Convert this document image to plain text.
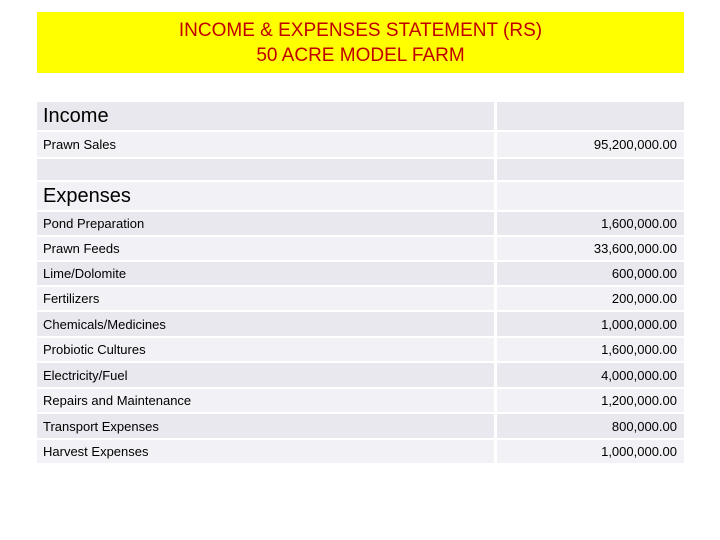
INCOME & EXPENSES STATEMENT (RS)
50 ACRE MODEL FARM
Income	
Prawn Sales	95,200,000.00

Expenses	
Pond Preparation	1,600,000.00
Prawn Feeds	33,600,000.00
Lime/Dolomite	600,000.00
Fertilizers	200,000.00
Chemicals/Medicines	1,000,000.00
Probiotic Cultures	1,600,000.00
Electricity/Fuel	4,000,000.00
Repairs and Maintenance	1,200,000.00
Transport Expenses	800,000.00
Harvest Expenses	1,000,000.00
